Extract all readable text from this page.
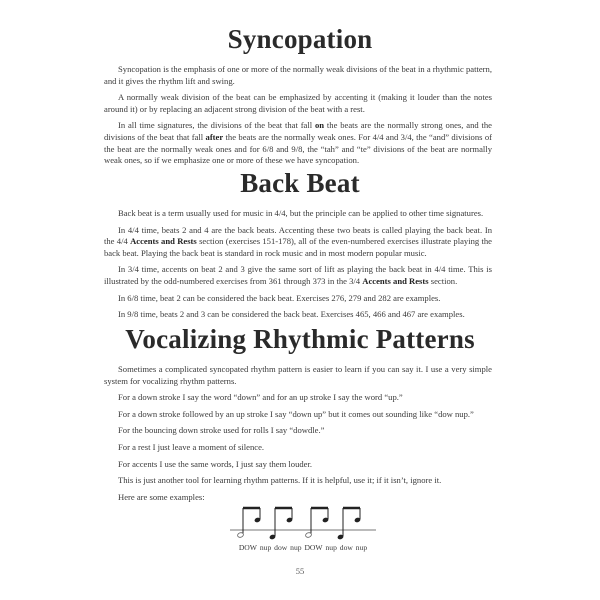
Syncopation

Syncopation is the emphasis of one or more of the normally weak divisions of the beat in a rhythmic pattern, and it gives the rhythm lift and swing.

A normally weak division of the beat can be emphasized by accenting it (making it louder than the notes around it) or by replacing an adjacent strong division of the beat with a rest.

In all time signatures, the divisions of the beat that fall on the beats are the normally strong ones, and the divisions of the beat that fall after the beats are the normally weak ones. For 4/4 and 3/4, the “and” divisions of the beat are the normally weak ones and for 6/8 and 9/8, the “tah” and “te” divisions of the beat are normally weak ones, so if we emphasize one or more of these we have syncopation.

Back Beat

Back beat is a term usually used for music in 4/4, but the principle can be applied to other time signatures.

In 4/4 time, beats 2 and 4 are the back beats. Accenting these two beats is called playing the back beat. In the 4/4 Accents and Rests section (exercises 151-178), all of the even-numbered exercises illustrate playing the back beat. Playing the back beat is standard in rock music and in most modern popular music.

In 3/4 time, accents on beat 2 and 3 give the same sort of lift as playing the back beat in 4/4 time. This is illustrated by the odd-numbered exercises from 361 through 373 in the 3/4 Accents and Rests section.

In 6/8 time, beat 2 can be considered the back beat. Exercises 276, 279 and 282 are examples.

In 9/8 time, beats 2 and 3 can be considered the back beat. Exercises 465, 466 and 467 are examples.

Vocalizing Rhythmic Patterns

Sometimes a complicated syncopated rhythm pattern is easier to learn if you can say it. I use a very simple system for vocalizing rhythm patterns.

For a down stroke I say the word “down” and for an up stroke I say the word “up.”

For a down stroke followed by an up stroke I say “down up” but it comes out sounding like “dow nup.”

For the bouncing down stroke used for rolls I say “dowdle.”

For a rest I just leave a moment of silence.

For accents I use the same words, I just say them louder.

This is just another tool for learning rhythm patterns. If it is helpful, use it; if it isn’t, ignore it.

Here are some examples:

DOW nup dow nup DOW nup dow nup
55
